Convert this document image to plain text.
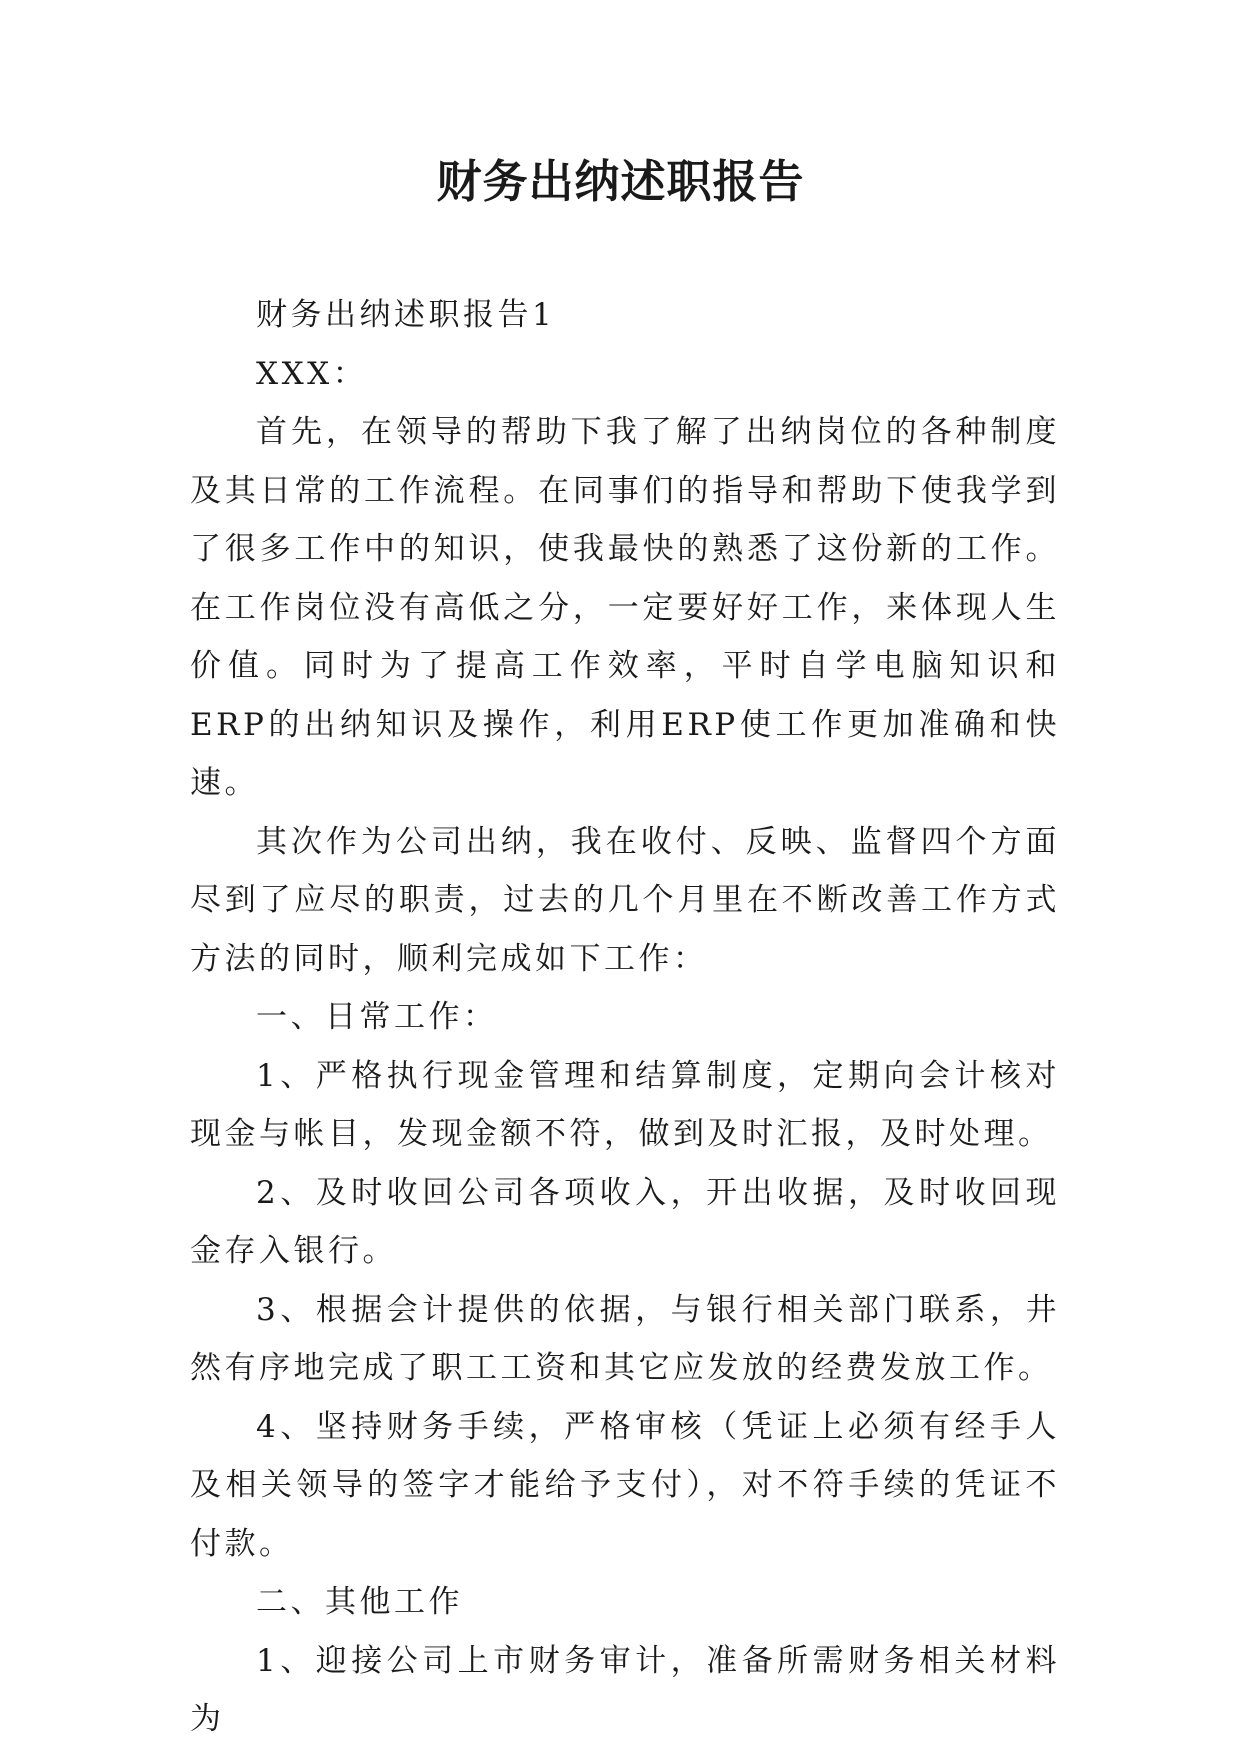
财务出纳述职报告

财务出纳述职报告1

XXX：

首先，在领导的帮助下我了解了出纳岗位的各种制度及其日常的工作流程。在同事们的指导和帮助下使我学到了很多工作中的知识，使我最快的熟悉了这份新的工作。在工作岗位没有高低之分，一定要好好工作，来体现人生价值。同时为了提高工作效率，平时自学电脑知识和ERP的出纳知识及操作，利用ERP使工作更加准确和快速。

其次作为公司出纳，我在收付、反映、监督四个方面尽到了应尽的职责，过去的几个月里在不断改善工作方式方法的同时，顺利完成如下工作：

一、日常工作：

1、严格执行现金管理和结算制度，定期向会计核对现金与帐目，发现金额不符，做到及时汇报，及时处理。

2、及时收回公司各项收入，开出收据，及时收回现金存入银行。

3、根据会计提供的依据，与银行相关部门联系，井然有序地完成了职工工资和其它应发放的经费发放工作。

4、坚持财务手续，严格审核（凭证上必须有经手人及相关领导的签字才能给予支付），对不符手续的凭证不付款。

二、其他工作

1、迎接公司上市财务审计，准备所需财务相关材料为
